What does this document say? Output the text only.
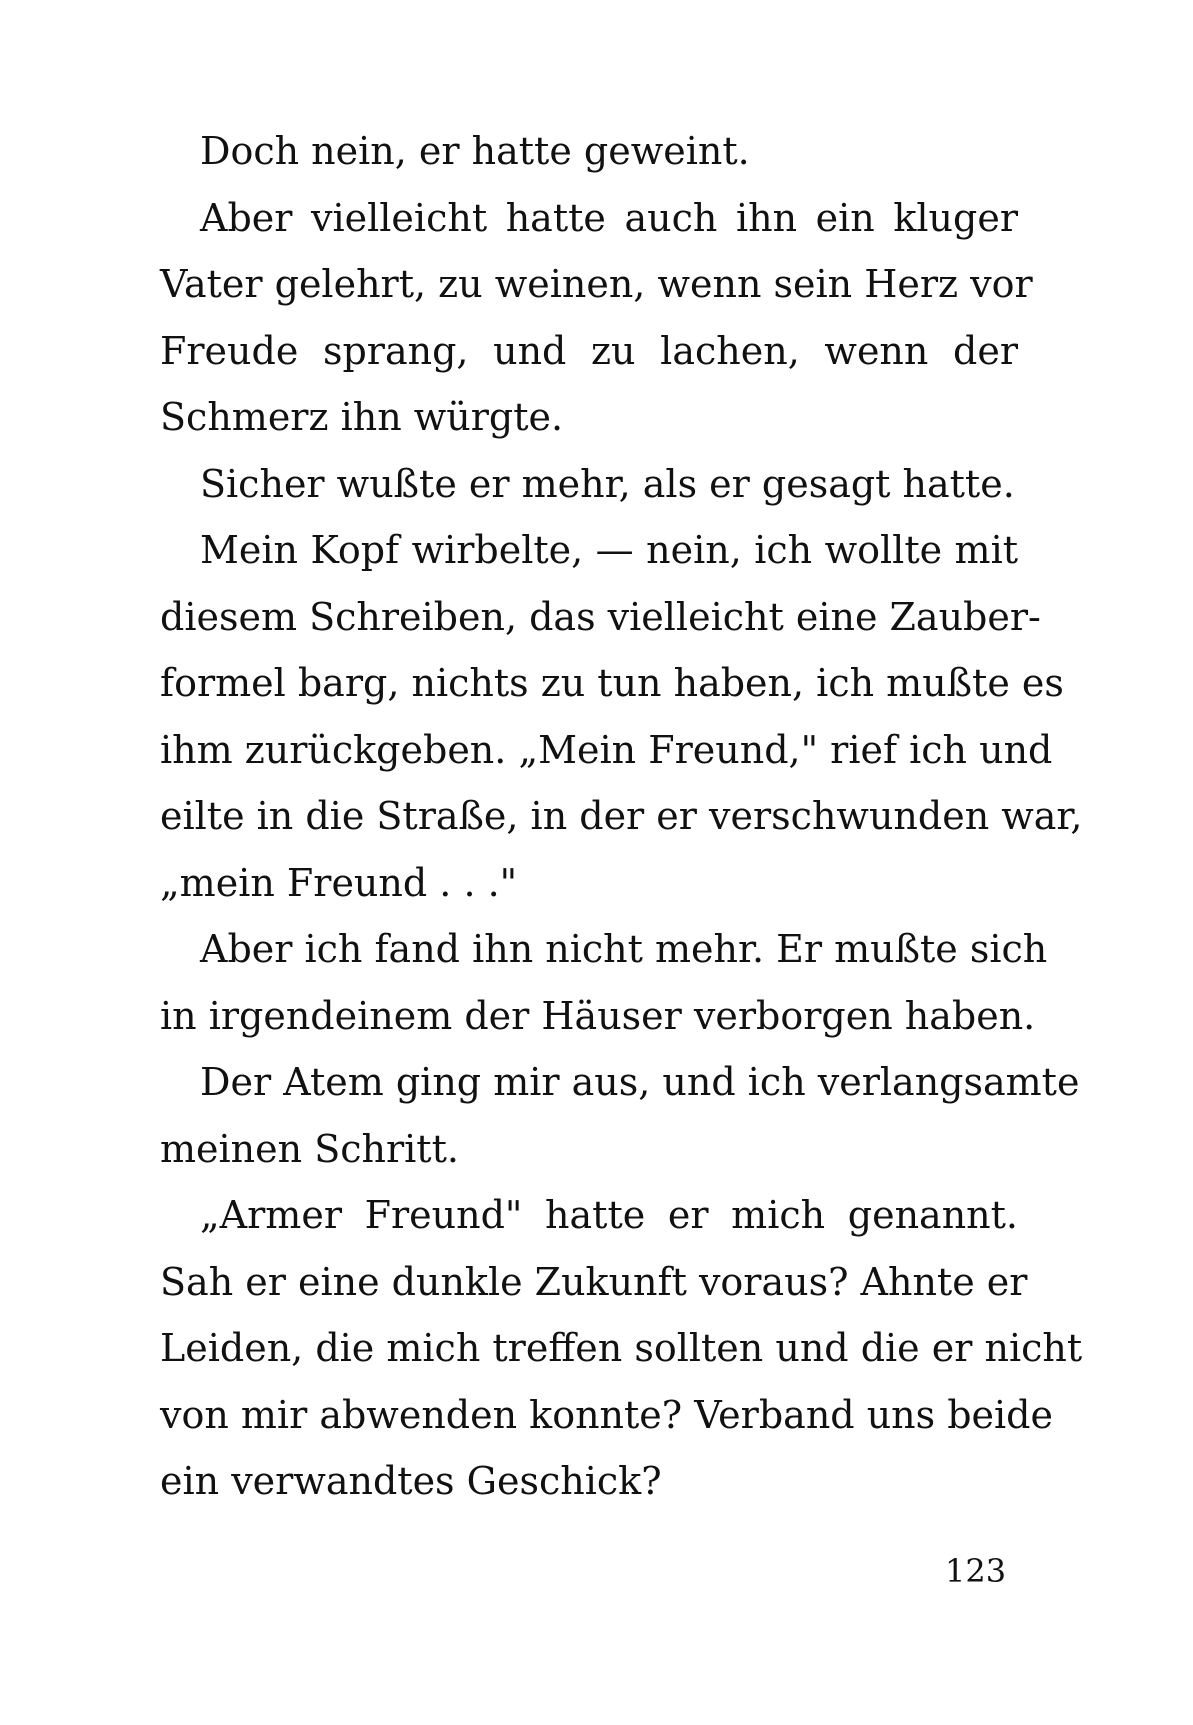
Doch nein, er hatte geweint.

Aber vielleicht hatte auch ihn ein kluger
Vater gelehrt, zu weinen, wenn sein Herz vor
Freude sprang, und zu lachen, wenn der
Schmerz ihn würgte.

Sicher wußte er mehr, als er gesagt hatte.

Mein Kopf wirbelte, — nein, ich wollte mit
diesem Schreiben, das vielleicht eine Zauber-
formel barg, nichts zu tun haben, ich mußte es
ihm zurückgeben. „Mein Freund," rief ich und
eilte in die Straße, in der er verschwunden war,
„mein Freund . . ."

Aber ich fand ihn nicht mehr. Er mußte sich
in irgendeinem der Häuser verborgen haben.

Der Atem ging mir aus, und ich verlangsamte
meinen Schritt.

„Armer Freund" hatte er mich genannt.
Sah er eine dunkle Zukunft voraus? Ahnte er
Leiden, die mich treffen sollten und die er nicht
von mir abwenden konnte? Verband uns beide
ein verwandtes Geschick?

123
